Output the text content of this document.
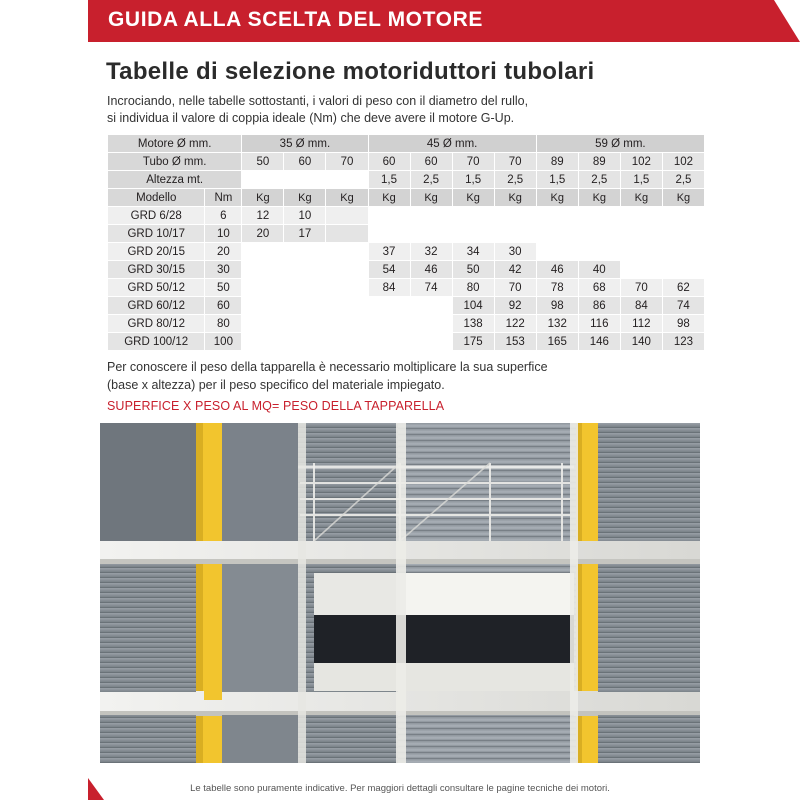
GUIDA ALLA SCELTA DEL MOTORE
Tabelle di selezione motoriduttori tubolari
Incrociando, nelle tabelle sottostanti, i valori di peso con il diametro del rullo,
si individua il valore di coppia ideale (Nm) che deve avere il motore G-Up.
Motore Ø mm.		35 Ø mm.			45 Ø mm.				59 Ø mm.			
Tubo Ø mm.		50	60	70	60	60	70	70	89	89	102	102
Altezza mt.					1,5	2,5	1,5	2,5	1,5	2,5	1,5	2,5
Modello	Nm	Kg	Kg	Kg	Kg	Kg	Kg	Kg	Kg	Kg	Kg	Kg
GRD 6/28	6	12	10									
GRD 10/17	10	20	17									
GRD 20/15	20				37	32	34	30				
GRD 30/15	30				54	46	50	42	46	40		
GRD 50/12	50				84	74	80	70	78	68	70	62
GRD 60/12	60						104	92	98	86	84	74
GRD 80/12	80						138	122	132	116	112	98
GRD 100/12	100						175	153	165	146	140	123
Per conoscere il peso della tapparella è necessario moltiplicare la sua superfice
(base x altezza) per il peso specifico del materiale impiegato.
SUPERFICE X PESO AL MQ= PESO DELLA TAPPARELLA
Le tabelle sono puramente indicative. Per maggiori dettagli consultare le pagine tecniche dei motori.
